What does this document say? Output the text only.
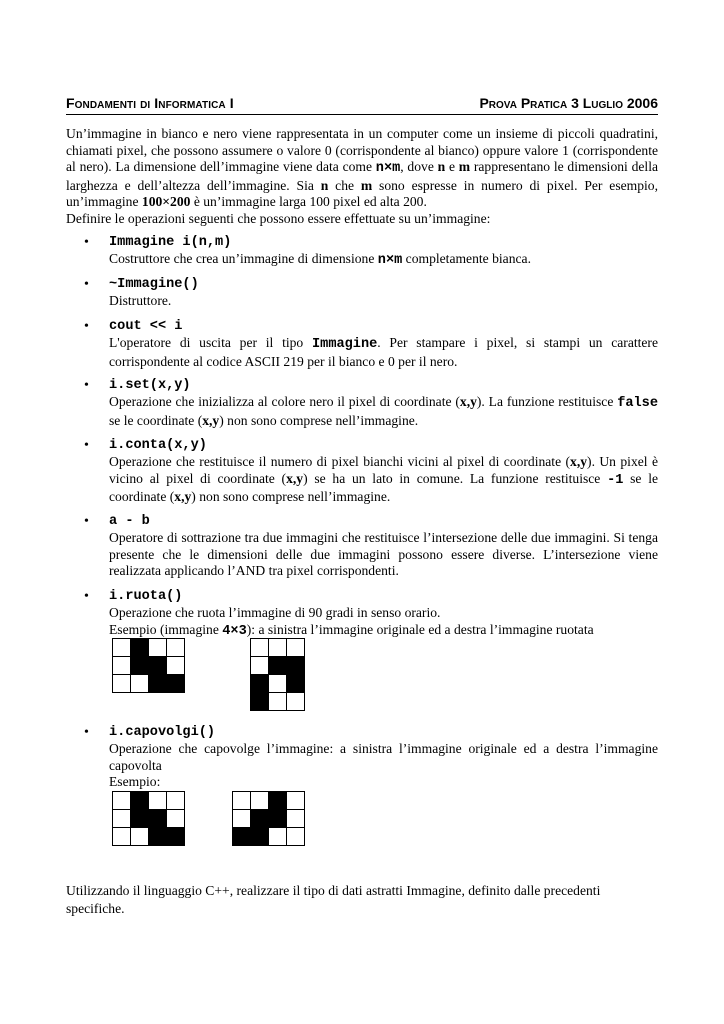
Fondamenti di Informatica I	Prova Pratica 3 Luglio 2006

Un’immagine in bianco e nero viene rappresentata in un computer come un insieme di piccoli quadratini, chiamati pixel, che possono assumere o valore 0 (corrispondente al bianco) oppure valore 1 (corrispondente al nero). La dimensione dell’immagine viene data come n×m, dove n e m rappresentano le dimensioni della larghezza e dell’altezza dell’immagine. Sia n che m sono espresse in numero di pixel. Per esempio, un’immagine 100×200 è un’immagine larga 100 pixel ed alta 200.

Definire le operazioni seguenti che possono essere effettuate su un’immagine:

• Immagine i(n,m)
Costruttore che crea un’immagine di dimensione n×m completamente bianca.
• ~Immagine()
Distruttore.
• cout << i
L'operatore di uscita per il tipo Immagine. Per stampare i pixel, si stampi un carattere corrispondente al codice ASCII 219 per il bianco e 0 per il nero.
• i.set(x,y)
Operazione che inizializza al colore nero il pixel di coordinate (x,y). La funzione restituisce false se le coordinate (x,y) non sono comprese nell’immagine.
• i.conta(x,y)
Operazione che restituisce il numero di pixel bianchi vicini al pixel di coordinate (x,y). Un pixel è vicino al pixel di coordinate (x,y) se ha un lato in comune. La funzione restituisce -1 se le coordinate (x,y) non sono comprese nell’immagine.
• a - b
Operatore di sottrazione tra due immagini che restituisce l’intersezione delle due immagini. Si tenga presente che le dimensioni delle due immagini possono essere diverse. L’intersezione viene realizzata applicando l’AND tra pixel corrispondenti.
• i.ruota()
Operazione che ruota l’immagine di 90 gradi in senso orario.
Esempio (immagine 4×3): a sinistra l’immagine originale ed a destra l’immagine ruotata

• i.capovolgi()
Operazione che capovolge l’immagine: a sinistra l’immagine originale ed a destra l’immagine capovolta
Esempio:

Utilizzando il linguaggio C++, realizzare il tipo di dati astratti Immagine, definito dalle precedenti specifiche.
